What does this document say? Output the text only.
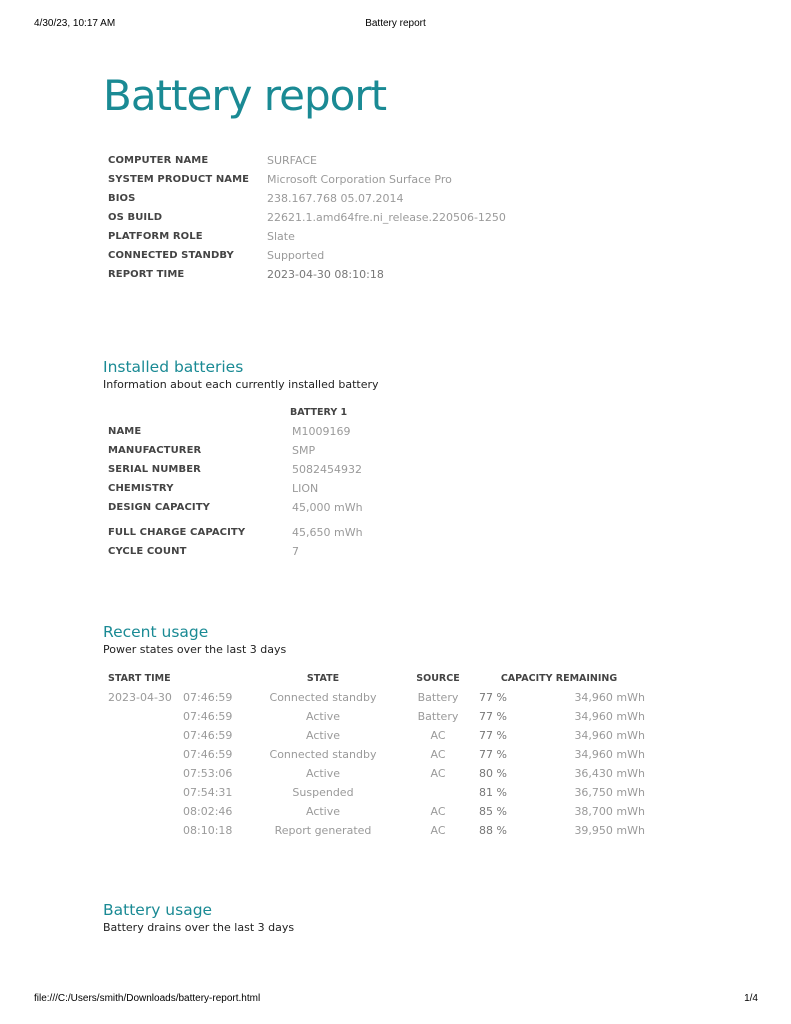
4/30/23, 10:17 AM	Battery report
Battery report
COMPUTER NAME	SURFACE
SYSTEM PRODUCT NAME Microsoft Corporation Surface Pro
BIOS	238.167.768 05.07.2014
OS BUILD	22621.1.amd64fre.ni_release.220506-1250
PLATFORM ROLE	Slate
CONNECTED STANDBY	Supported
REPORT TIME	2023-04-30 08:10:18
Installed batteries
Information about each currently installed battery
BATTERY 1
NAME	M1009169
MANUFACTURER	SMP
SERIAL NUMBER	5082454932
CHEMISTRY	LION
DESIGN CAPACITY	45,000 mWh
FULL CHARGE CAPACITY	45,650 mWh
CYCLE COUNT	7
Recent usage
Power states over the last 3 days
START TIME		STATE	SOURCE	CAPACITY REMAINING	
2023-04-30	07:46:59	Connected standby	Battery	77 %	34,960 mWh
	07:46:59	Active	Battery	77 %	34,960 mWh
	07:46:59	Active	AC	77 %	34,960 mWh
	07:46:59	Connected standby	AC	77 %	34,960 mWh
	07:53:06	Active	AC	80 %	36,430 mWh
	07:54:31	Suspended		81 %	36,750 mWh
	08:02:46	Active	AC	85 %	38,700 mWh
	08:10:18	Report generated	AC	88 %	39,950 mWh
Battery usage
Battery drains over the last 3 days
file:///C:/Users/smith/Downloads/battery-report.html	1/4
